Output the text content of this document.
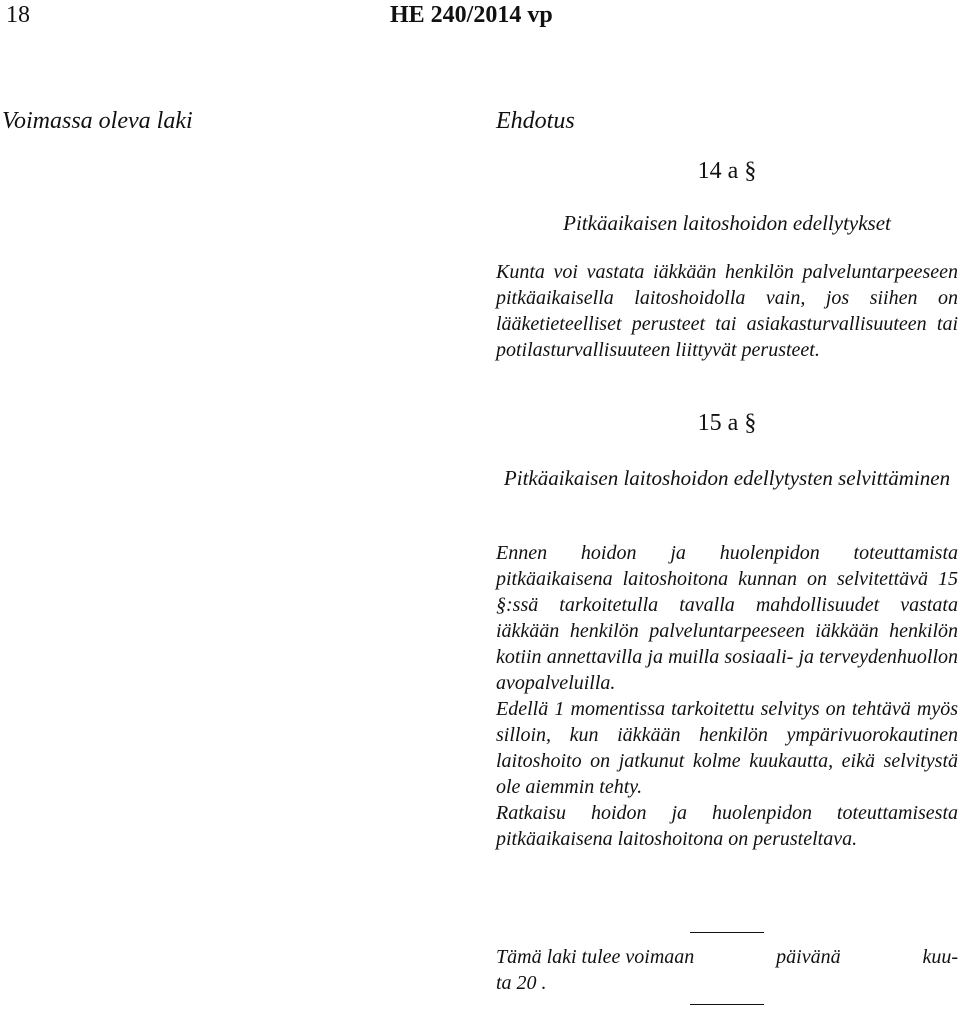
18	HE 240/2014 vp
Voimassa oleva laki	Ehdotus
14 a §
Pitkäaikaisen laitoshoidon edellytykset

Kunta voi vastata iäkkään henkilön palveluntarpeeseen pitkäaikaisella laitoshoidolla vain, jos siihen on lääketieteelliset perusteet tai asiakasturvallisuuteen tai potilasturvallisuuteen liittyvät perusteet.

15 a §
Pitkäaikaisen laitoshoidon edellytysten selvittäminen

Ennen hoidon ja huolenpidon toteuttamista pitkäaikaisena laitoshoitona kunnan on selvitettävä 15 §:ssä tarkoitetulla tavalla mahdollisuudet vastata iäkkään henkilön palveluntarpeeseen iäkkään henkilön kotiin annettavilla ja muilla sosiaali- ja terveydenhuollon avopalveluilla.

Edellä 1 momentissa tarkoitettu selvitys on tehtävä myös silloin, kun iäkkään henkilön ympärivuorokautinen laitoshoito on jatkunut kolme kuukautta, eikä selvitystä ole aiemmin tehty.

Ratkaisu hoidon ja huolenpidon toteuttamisesta pitkäaikaisena laitoshoitona on perusteltava.

Tämä laki tulee voimaan	päivänä	kuu-
ta 20 .
